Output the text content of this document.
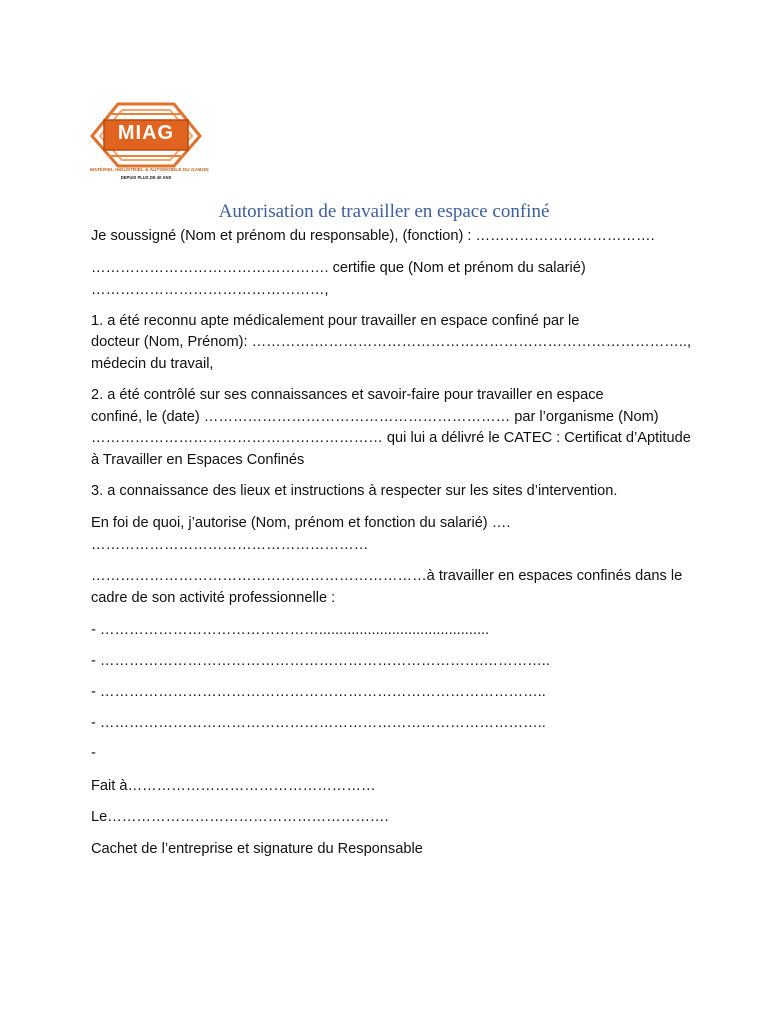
MIAG
MATÉRIEL INDUSTRIEL & AUTOMOBILE DU GABON
DEPUIS PLUS DE 40 ANS
Autorisation de travailler en espace confiné
Je soussigné (Nom et prénom du responsable), (fonction) : ……………………………….
…………………………………………. certifie que (Nom et prénom du salarié)
…………………………………………,
1. a été reconnu apte médicalement pour travailler en espace confiné par le
docteur (Nom, Prénom): ………….…………………………………………………………………..,
médecin du travail,
2. a été contrôlé sur ses connaissances et savoir-faire pour travailler en espace
confiné, le (date) ……………………………………………………… par l’organisme (Nom)
…………………………………………………… qui lui a délivré le CATEC : Certificat d’Aptitude
à Travailler en Espaces Confinés
3. a connaissance des lieux et instructions à respecter sur les sites d’intervention.
En foi de quoi, j’autorise (Nom, prénom et fonction du salarié) ….
…………………………………………………
……………………………………………………………à travailler en espaces confinés dans le
cadre de son activité professionnelle :
- ………………………………………..........................................
- …………………………………………………………………….…………..
- ………………………………………………………………………………..
- ………………………………………………………………………………..
-
Fait à……………………………………………
Le………………………………………………….
Cachet de l’entreprise et signature du Responsable
